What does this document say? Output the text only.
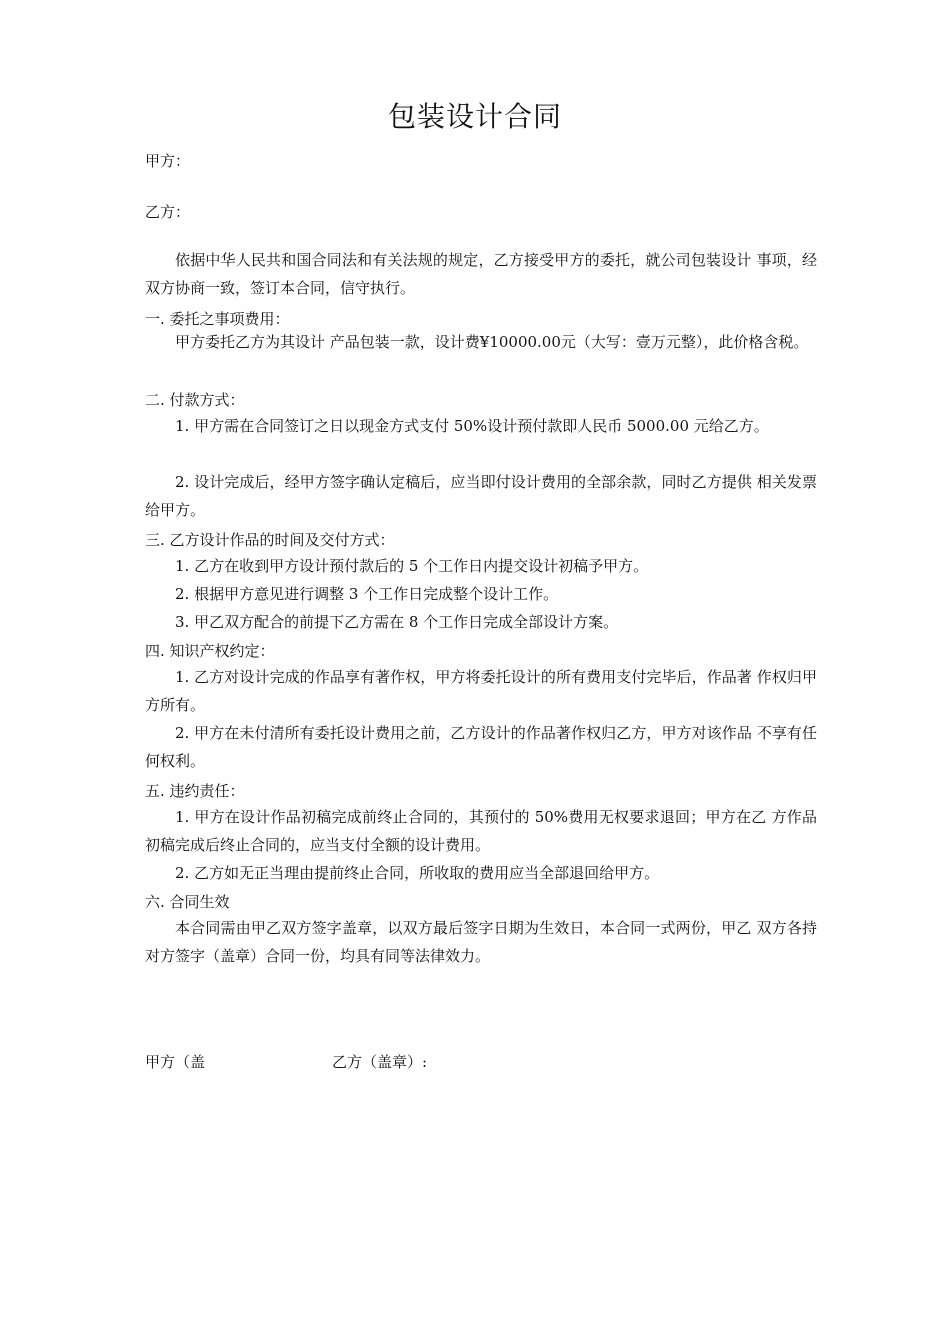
包装设计合同
甲方：
乙方：
依据中华人民共和国合同法和有关法规的规定，乙方接受甲方的委托，就公司包装设计 事项，经双方协商一致，签订本合同，信守执行。
一. 委托之事项费用：
甲方委托乙方为其设计 产品包装一款，设计费¥10000.00元（大写：壹万元整），此价格含税。
二. 付款方式：
1. 甲方需在合同签订之日以现金方式支付 50%设计预付款即人民币 5000.00 元给乙方。
2. 设计完成后，经甲方签字确认定稿后，应当即付设计费用的全部余款，同时乙方提供 相关发票给甲方。
三. 乙方设计作品的时间及交付方式：
1. 乙方在收到甲方设计预付款后的 5 个工作日内提交设计初稿予甲方。
2. 根据甲方意见进行调整 3 个工作日完成整个设计工作。
3. 甲乙双方配合的前提下乙方需在 8 个工作日完成全部设计方案。
四. 知识产权约定：
1. 乙方对设计完成的作品享有著作权，甲方将委托设计的所有费用支付完毕后，作品著 作权归甲方所有。
2. 甲方在未付清所有委托设计费用之前，乙方设计的作品著作权归乙方，甲方对该作品 不享有任何权利。
五. 违约责任：
1. 甲方在设计作品初稿完成前终止合同的，其预付的 50%费用无权要求退回；甲方在乙 方作品初稿完成后终止合同的，应当支付全额的设计费用。
2. 乙方如无正当理由提前终止合同，所收取的费用应当全部退回给甲方。
六. 合同生效
本合同需由甲乙双方签字盖章，以双方最后签字日期为生效日，本合同一式两份，甲乙 双方各持对方签字（盖章）合同一份，均具有同等法律效力。
甲方（盖	乙方（盖章）:
